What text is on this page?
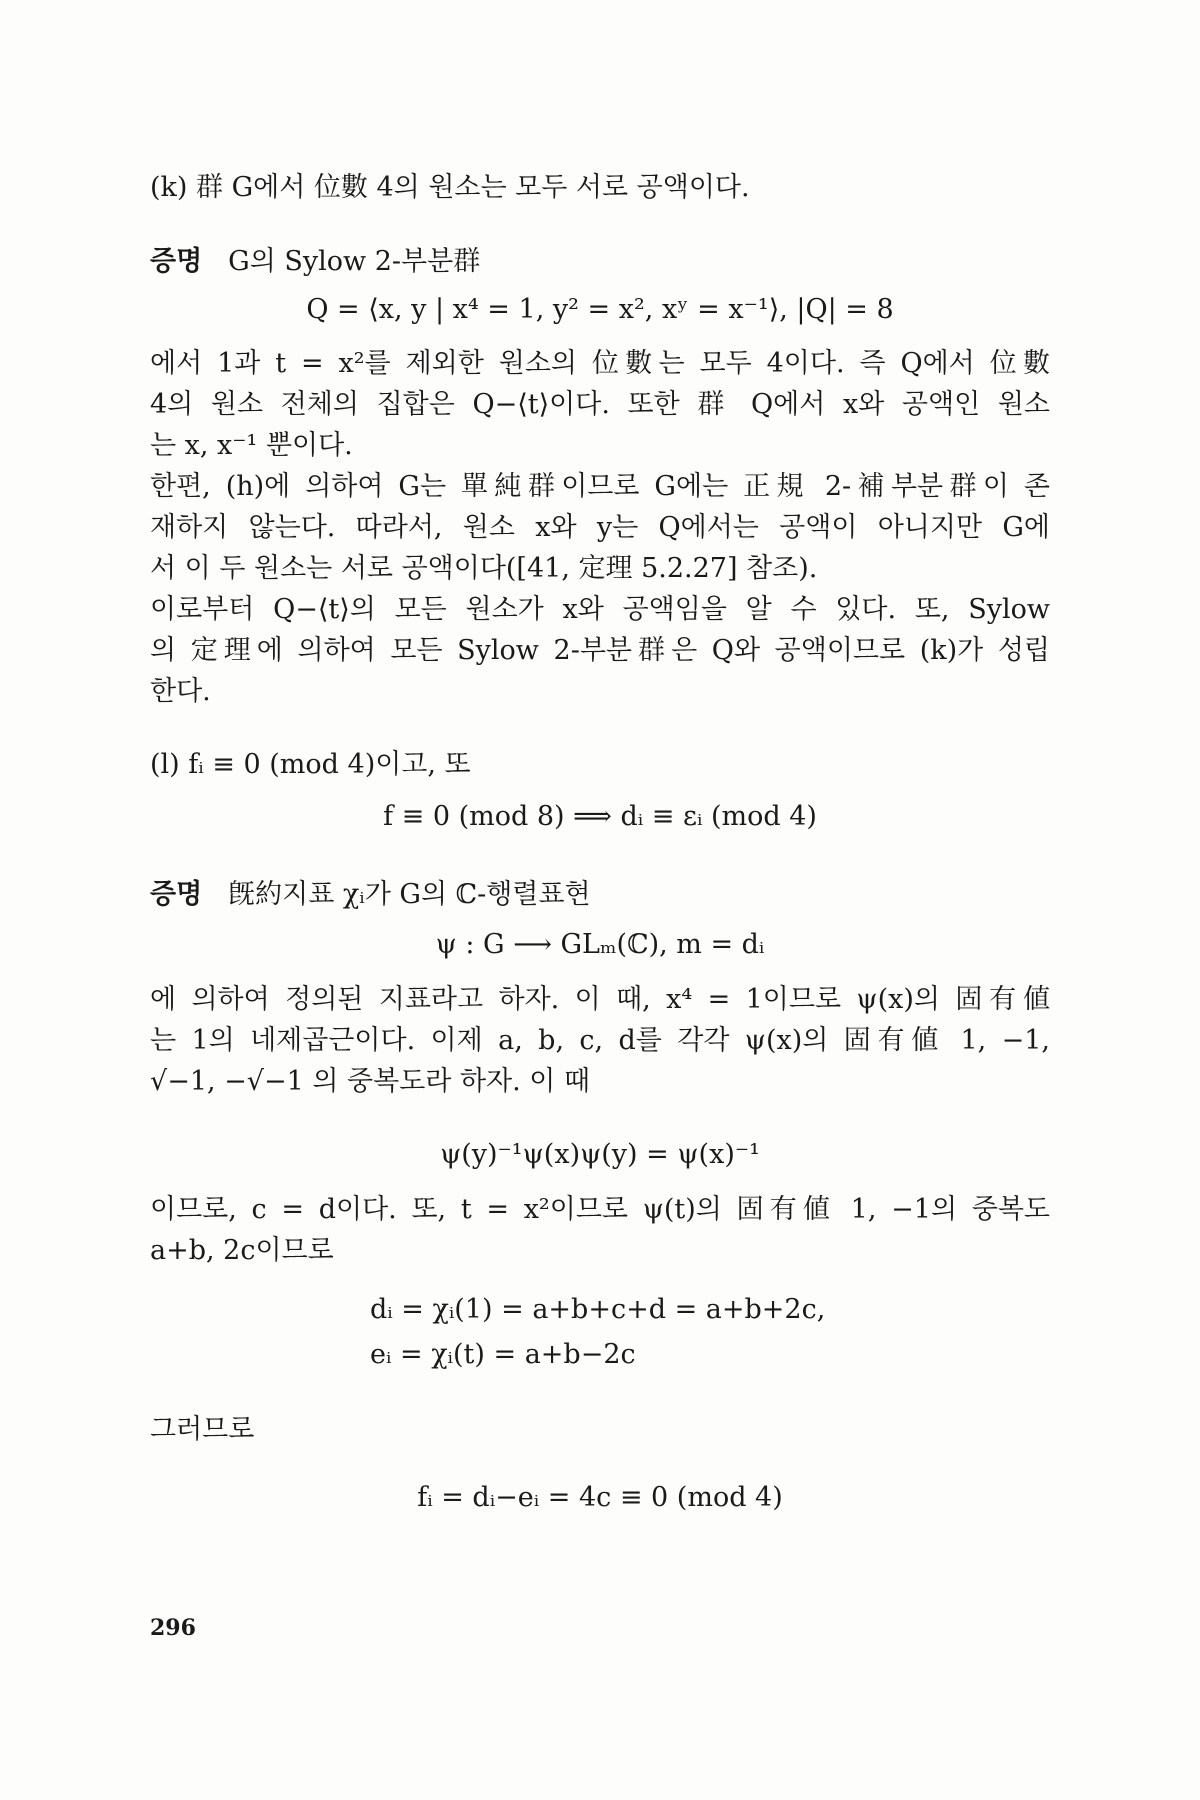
(k) 群 G에서 位數 4의 원소는 모두 서로 공액이다.
증명 G의 Sylow 2-부분群
Q = ⟨x, y | x⁴ = 1, y² = x², xʸ = x⁻¹⟩, |Q| = 8
에서 1과 t = x²를 제외한 원소의 位數는 모두 4이다. 즉 Q에서 位數
4의 원소 전체의 집합은 Q−⟨t⟩이다. 또한 群 Q에서 x와 공액인 원소
는 x, x⁻¹ 뿐이다.
한편, (h)에 의하여 G는 單純群이므로 G에는 正規 2-補부분群이 존
재하지 않는다. 따라서, 원소 x와 y는 Q에서는 공액이 아니지만 G에
서 이 두 원소는 서로 공액이다([41, 定理 5.2.27] 참조).
이로부터 Q−⟨t⟩의 모든 원소가 x와 공액임을 알 수 있다. 또, Sylow
의 定理에 의하여 모든 Sylow 2-부분群은 Q와 공액이므로 (k)가 성립
한다.
(l) fᵢ ≡ 0 (mod 4)이고, 또
f ≡ 0 (mod 8) ⟹ dᵢ ≡ εᵢ (mod 4)
증명 旣約지표 χᵢ가 G의 ℂ-행렬표현
ψ : G ⟶ GLₘ(ℂ), m = dᵢ
에 의하여 정의된 지표라고 하자. 이 때, x⁴ = 1이므로 ψ(x)의 固有値
는 1의 네제곱근이다. 이제 a, b, c, d를 각각 ψ(x)의 固有値 1, −1,
√−1, −√−1 의 중복도라 하자. 이 때
ψ(y)⁻¹ψ(x)ψ(y) = ψ(x)⁻¹
이므로, c = d이다. 또, t = x²이므로 ψ(t)의 固有値 1, −1의 중복도
a+b, 2c이므로
dᵢ = χᵢ(1) = a+b+c+d = a+b+2c,
eᵢ = χᵢ(t) = a+b−2c
그러므로
fᵢ = dᵢ−eᵢ = 4c ≡ 0 (mod 4)
296
